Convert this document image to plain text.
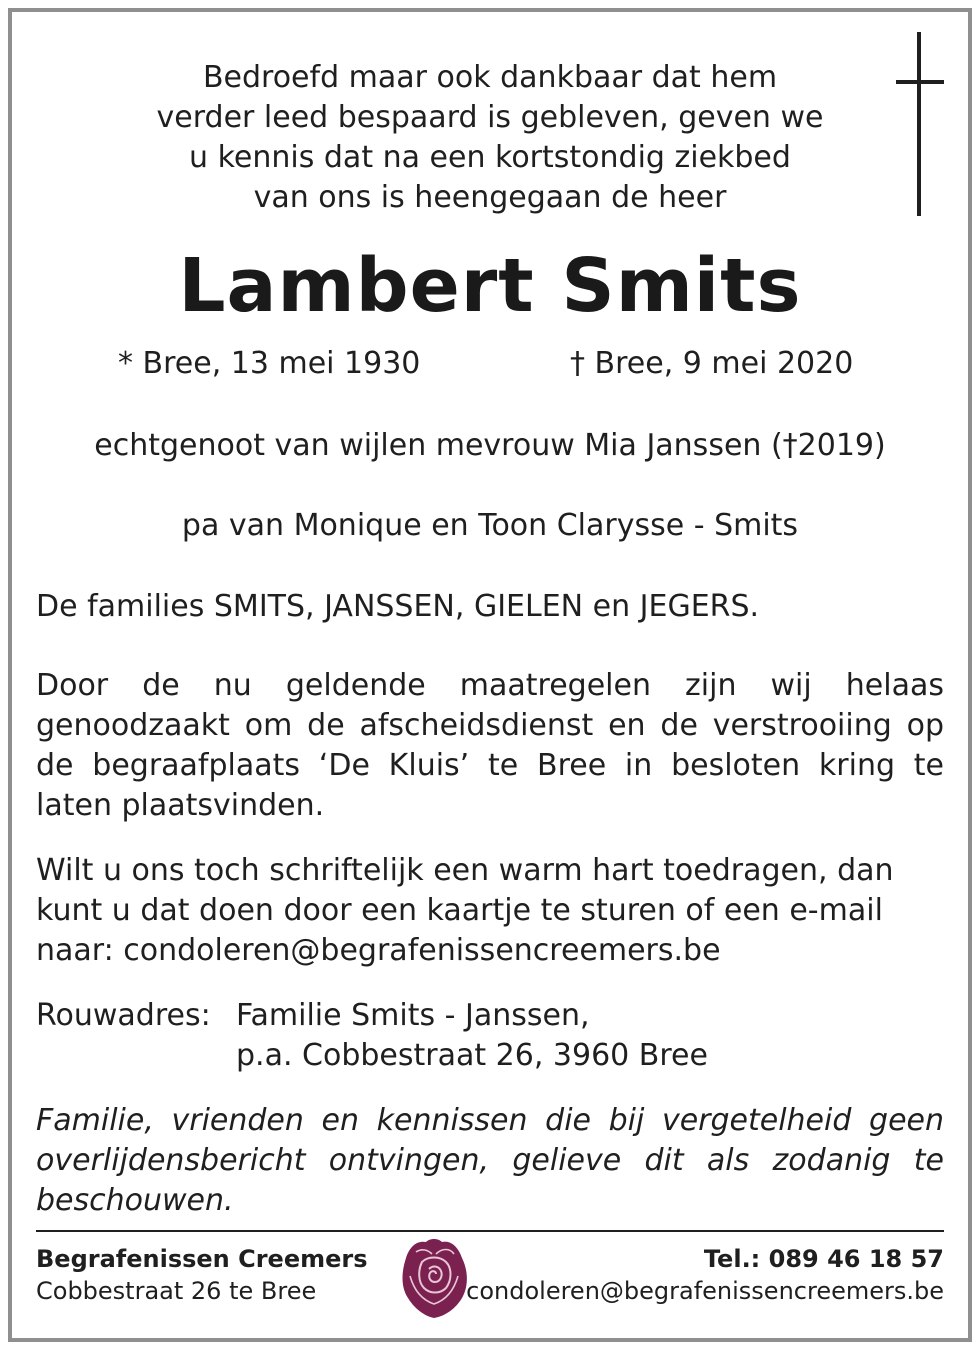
Bedroefd maar ook dankbaar dat hem
verder leed bespaard is gebleven, geven we
u kennis dat na een kortstondig ziekbed
van ons is heengegaan de heer
Lambert Smits
* Bree, 13 mei 1930	† Bree, 9 mei 2020
echtgenoot van wijlen mevrouw Mia Janssen (†2019)
pa van Monique en Toon Clarysse - Smits
De families SMITS, JANSSEN, GIELEN en JEGERS.
Door de nu geldende maatregelen zijn wij helaas genoodzaakt om de afscheidsdienst en de verstrooiing op de begraafplaats ‘De Kluis’ te Bree in besloten kring te laten plaatsvinden.
Wilt u ons toch schriftelijk een warm hart toedragen, dan kunt u dat doen door een kaartje te sturen of een e-mail naar: condoleren@begrafenissencreemers.be
Rouwadres: Familie Smits - Janssen,
p.a. Cobbestraat 26, 3960 Bree
Familie, vrienden en kennissen die bij vergetelheid geen overlijdensbericht ontvingen, gelieve dit als zodanig te beschouwen.
Begrafenissen Creemers
Cobbestraat 26 te Bree
Tel.: 089 46 18 57
condoleren@begrafenissencreemers.be
